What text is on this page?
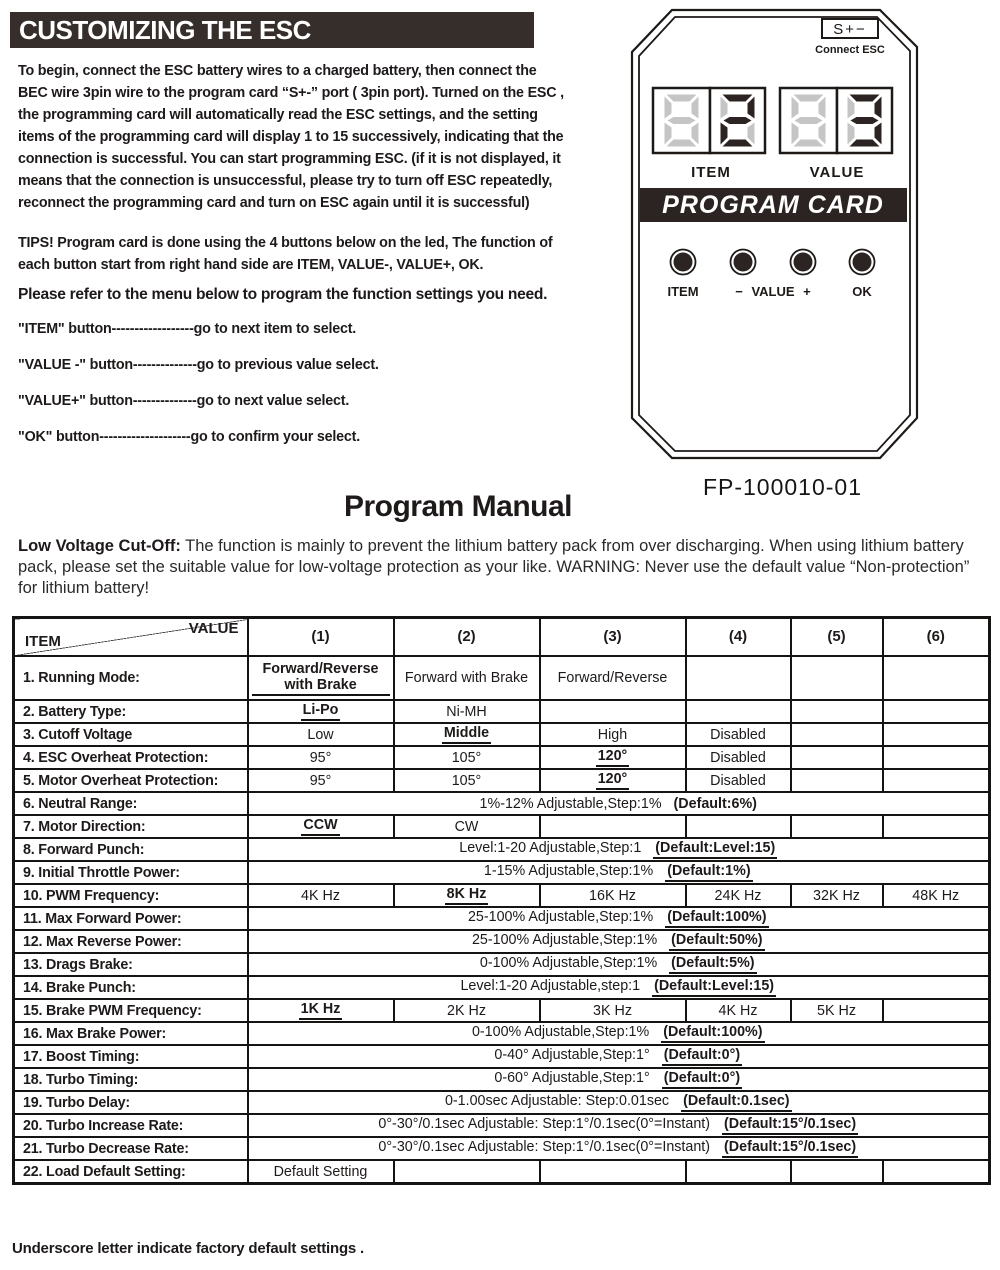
CUSTOMIZING THE ESC
To begin, connect the ESC battery wires to a charged battery, then connect the BEC wire 3pin wire to the program card “S+-” port ( 3pin port). Turned on the ESC , the programming card will automatically read the ESC settings, and the setting items of the programming card will display 1 to 15 successively, indicating that the connection is successful. You can start programming ESC. (if it is not displayed, it means that the connection is unsuccessful, please try to turn off ESC repeatedly, reconnect the programming card and turn on ESC again until it is successful)
TIPS! Program card is done using the 4 buttons below on the led, The function of each button start from right hand side are ITEM, VALUE-, VALUE+, OK.
Please refer to the menu below to program the function settings you need.
"ITEM" button------------------go to next item to select.
"VALUE -" button--------------go to previous value select.
"VALUE+" button--------------go to next value select.
"OK" button--------------------go to confirm your select.
S+−
Connect ESC
ITEM	VALUE
PROGRAM CARD
ITEM	− VALUE +	OK
FP-100010-01
Program Manual
Low Voltage Cut-Off: The function is mainly to prevent the lithium battery pack from over discharging. When using lithium battery pack, please set the suitable value for low-voltage protection as your like. WARNING: Never use the default value “Non-protection” for lithium battery!
VALUE
ITEM	(1)	(2)	(3)	(4)	(5)	(6)
1. Running Mode:	Forward/Reverse with Brake	Forward with Brake	Forward/Reverse			
2. Battery Type:	Li-Po	Ni-MH				
3. Cutoff Voltage	Low	Middle	High	Disabled		
4. ESC Overheat Protection:	95°	105°	120°	Disabled		
5. Motor Overheat Protection:	95°	105°	120°	Disabled		
6. Neutral Range:	1%-12% Adjustable,Step:1% (Default:6%)					
7. Motor Direction:	CCW	CW				
8. Forward Punch:	Level:1-20 Adjustable,Step:1 (Default:Level:15)					
9. Initial Throttle Power:	1-15% Adjustable,Step:1% (Default:1%)					
10. PWM Frequency:	4K Hz	8K Hz	16K Hz	24K Hz	32K Hz	48K Hz
11. Max Forward Power:	25-100% Adjustable,Step:1% (Default:100%)					
12. Max Reverse Power:	25-100% Adjustable,Step:1% (Default:50%)					
13. Drags Brake:	0-100% Adjustable,Step:1% (Default:5%)					
14. Brake Punch:	Level:1-20 Adjustable,step:1 (Default:Level:15)					
15. Brake PWM Frequency:	1K Hz	2K Hz	3K Hz	4K Hz	5K Hz	
16. Max Brake Power:	0-100% Adjustable,Step:1% (Default:100%)					
17. Boost Timing:	0-40° Adjustable,Step:1° (Default:0°)					
18. Turbo Timing:	0-60° Adjustable,Step:1° (Default:0°)					
19. Turbo Delay:	0-1.00sec Adjustable: Step:0.01sec (Default:0.1sec)					
20. Turbo Increase Rate:	0°-30°/0.1sec Adjustable: Step:1°/0.1sec(0°=Instant) (Default:15°/0.1sec)					
21. Turbo Decrease Rate:	0°-30°/0.1sec Adjustable: Step:1°/0.1sec(0°=Instant) (Default:15°/0.1sec)					
22. Load Default Setting:	Default Setting					
Underscore letter indicate factory default settings .
